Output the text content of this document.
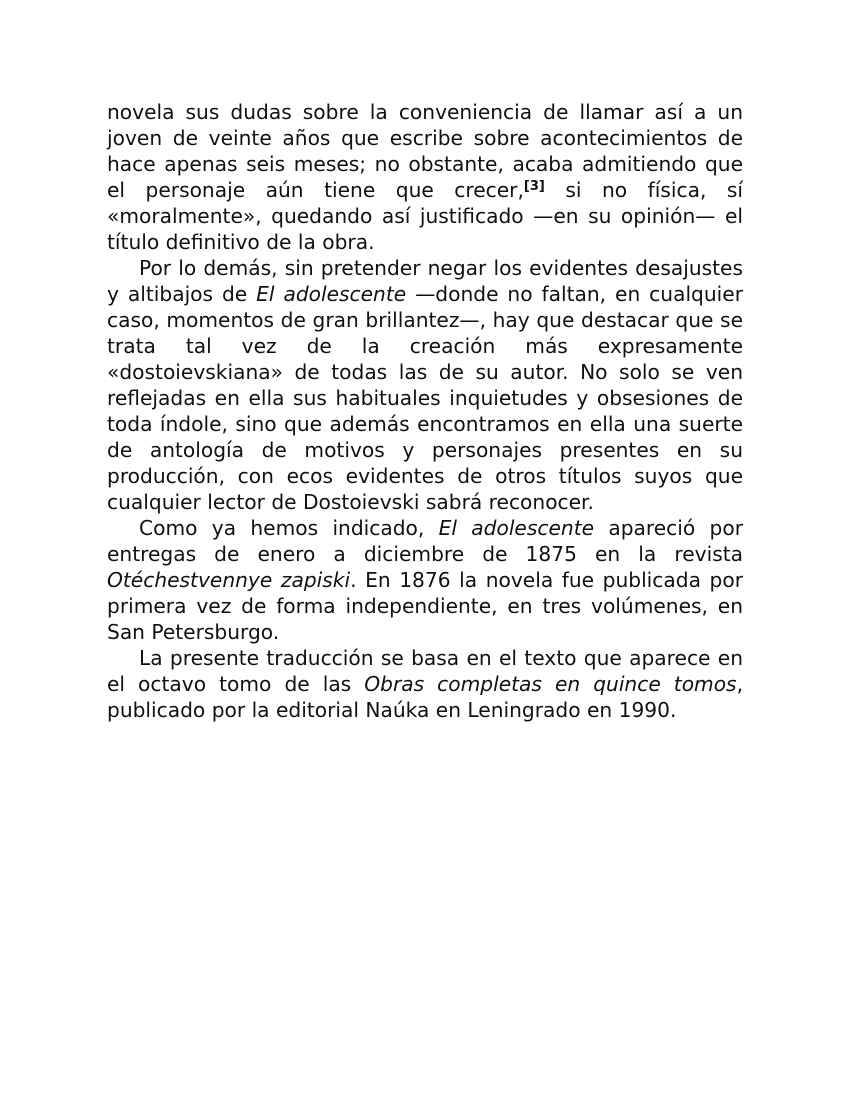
novela sus dudas sobre la conveniencia de llamar así a un joven de veinte años que escribe sobre acontecimientos de hace apenas seis meses; no obstante, acaba admitiendo que el personaje aún tiene que crecer,[3] si no física, sí «moralmente», quedando así justificado —en su opinión— el título definitivo de la obra.

Por lo demás, sin pretender negar los evidentes desajustes y altibajos de El adolescente —donde no faltan, en cualquier caso, momentos de gran brillantez—, hay que destacar que se trata tal vez de la creación más expresamente «dostoievskiana» de todas las de su autor. No solo se ven reflejadas en ella sus habituales inquietudes y obsesiones de toda índole, sino que además encontramos en ella una suerte de antología de motivos y personajes presentes en su producción, con ecos evidentes de otros títulos suyos que cualquier lector de Dostoievski sabrá reconocer.

Como ya hemos indicado, El adolescente apareció por entregas de enero a diciembre de 1875 en la revista Otéchestvennye zapiski. En 1876 la novela fue publicada por primera vez de forma independiente, en tres volúmenes, en San Petersburgo.

La presente traducción se basa en el texto que aparece en el octavo tomo de las Obras completas en quince tomos, publicado por la editorial Naúka en Leningrado en 1990.
